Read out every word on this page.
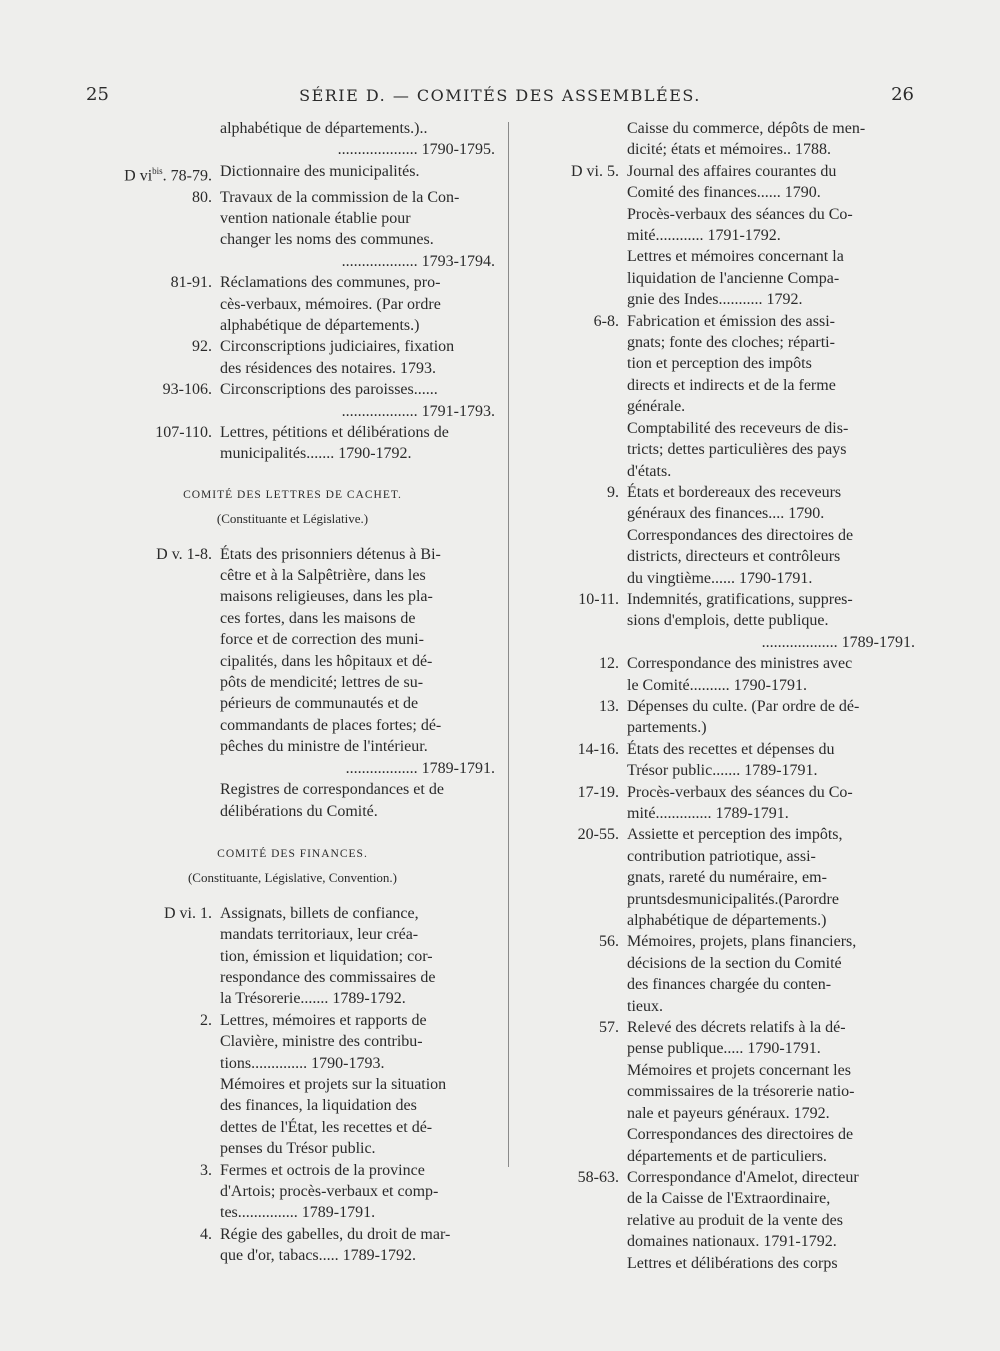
25	SÉRIE D. — COMITÉS DES ASSEMBLÉES.	26
alphabétique de départements.)..
.................... 1790-1795.
D $vi^{bis}$. 78-79. Dictionnaire des municipalités.
80. Travaux de la commission de la Con-
vention nationale établie pour
changer les noms des communes.
................... 1793-1794.
81-91. Réclamations des communes, pro-
cès-verbaux, mémoires. (Par ordre
alphabétique de départements.)
92. Circonscriptions judiciaires, fixation
des résidences des notaires. 1793.
93-106. Circonscriptions des paroisses......
................... 1791-1793.
107-110. Lettres, pétitions et délibérations de
municipalités....... 1790-1792.
COMITÉ DES LETTRES DE CACHET.
(Constituante et Législative.)
D v. 1-8. États des prisonniers détenus à Bi-
cêtre et à la Salpêtrière, dans les
maisons religieuses, dans les pla-
ces fortes, dans les maisons de
force et de correction des muni-
cipalités, dans les hôpitaux et dé-
pôts de mendicité; lettres de su-
périeurs de communautés et de
commandants de places fortes; dé-
pêches du ministre de l'intérieur.
.................. 1789-1791.
Registres de correspondances et de
délibérations du Comité.
COMITÉ DES FINANCES.
(Constituante, Législative, Convention.)
D vi. 1. Assignats, billets de confiance,
mandats territoriaux, leur créa-
tion, émission et liquidation; cor-
respondance des commissaires de
la Trésorerie....... 1789-1792.
2. Lettres, mémoires et rapports de
Clavière, ministre des contribu-
tions.............. 1790-1793.
Mémoires et projets sur la situation
des finances, la liquidation des
dettes de l'État, les recettes et dé-
penses du Trésor public.
3. Fermes et octrois de la province
d'Artois; procès-verbaux et comp-
tes............... 1789-1791.
4. Régie des gabelles, du droit de mar-
que d'or, tabacs..... 1789-1792.
Caisse du commerce, dépôts de men-
dicité; états et mémoires.. 1788.
D vi. 5. Journal des affaires courantes du
Comité des finances...... 1790.
Procès-verbaux des séances du Co-
mité............ 1791-1792.
Lettres et mémoires concernant la
liquidation de l'ancienne Compa-
gnie des Indes........... 1792.
6-8. Fabrication et émission des assi-
gnats; fonte des cloches; réparti-
tion et perception des impôts
directs et indirects et de la ferme
générale.
Comptabilité des receveurs de dis-
tricts; dettes particulières des pays
d'états.
9. États et bordereaux des receveurs
généraux des finances.... 1790.
Correspondances des directoires de
districts, directeurs et contrôleurs
du vingtième...... 1790-1791.
10-11. Indemnités, gratifications, suppres-
sions d'emplois, dette publique.
................... 1789-1791.
12. Correspondance des ministres avec
le Comité.......... 1790-1791.
13. Dépenses du culte. (Par ordre de dé-
partements.)
14-16. États des recettes et dépenses du
Trésor public....... 1789-1791.
17-19. Procès-verbaux des séances du Co-
mité.............. 1789-1791.
20-55. Assiette et perception des impôts,
contribution patriotique, assi-
gnats, rareté du numéraire, em-
pruntsdesmunicipalités.(Parordre
alphabétique de départements.)
56. Mémoires, projets, plans financiers,
décisions de la section du Comité
des finances chargée du conten-
tieux.
57. Relevé des décrets relatifs à la dé-
pense publique..... 1790-1791.
Mémoires et projets concernant les
commissaires de la trésorerie natio-
nale et payeurs généraux. 1792.
Correspondances des directoires de
départements et de particuliers.
58-63. Correspondance d'Amelot, directeur
de la Caisse de l'Extraordinaire,
relative au produit de la vente des
domaines nationaux. 1791-1792.
Lettres et délibérations des corps
